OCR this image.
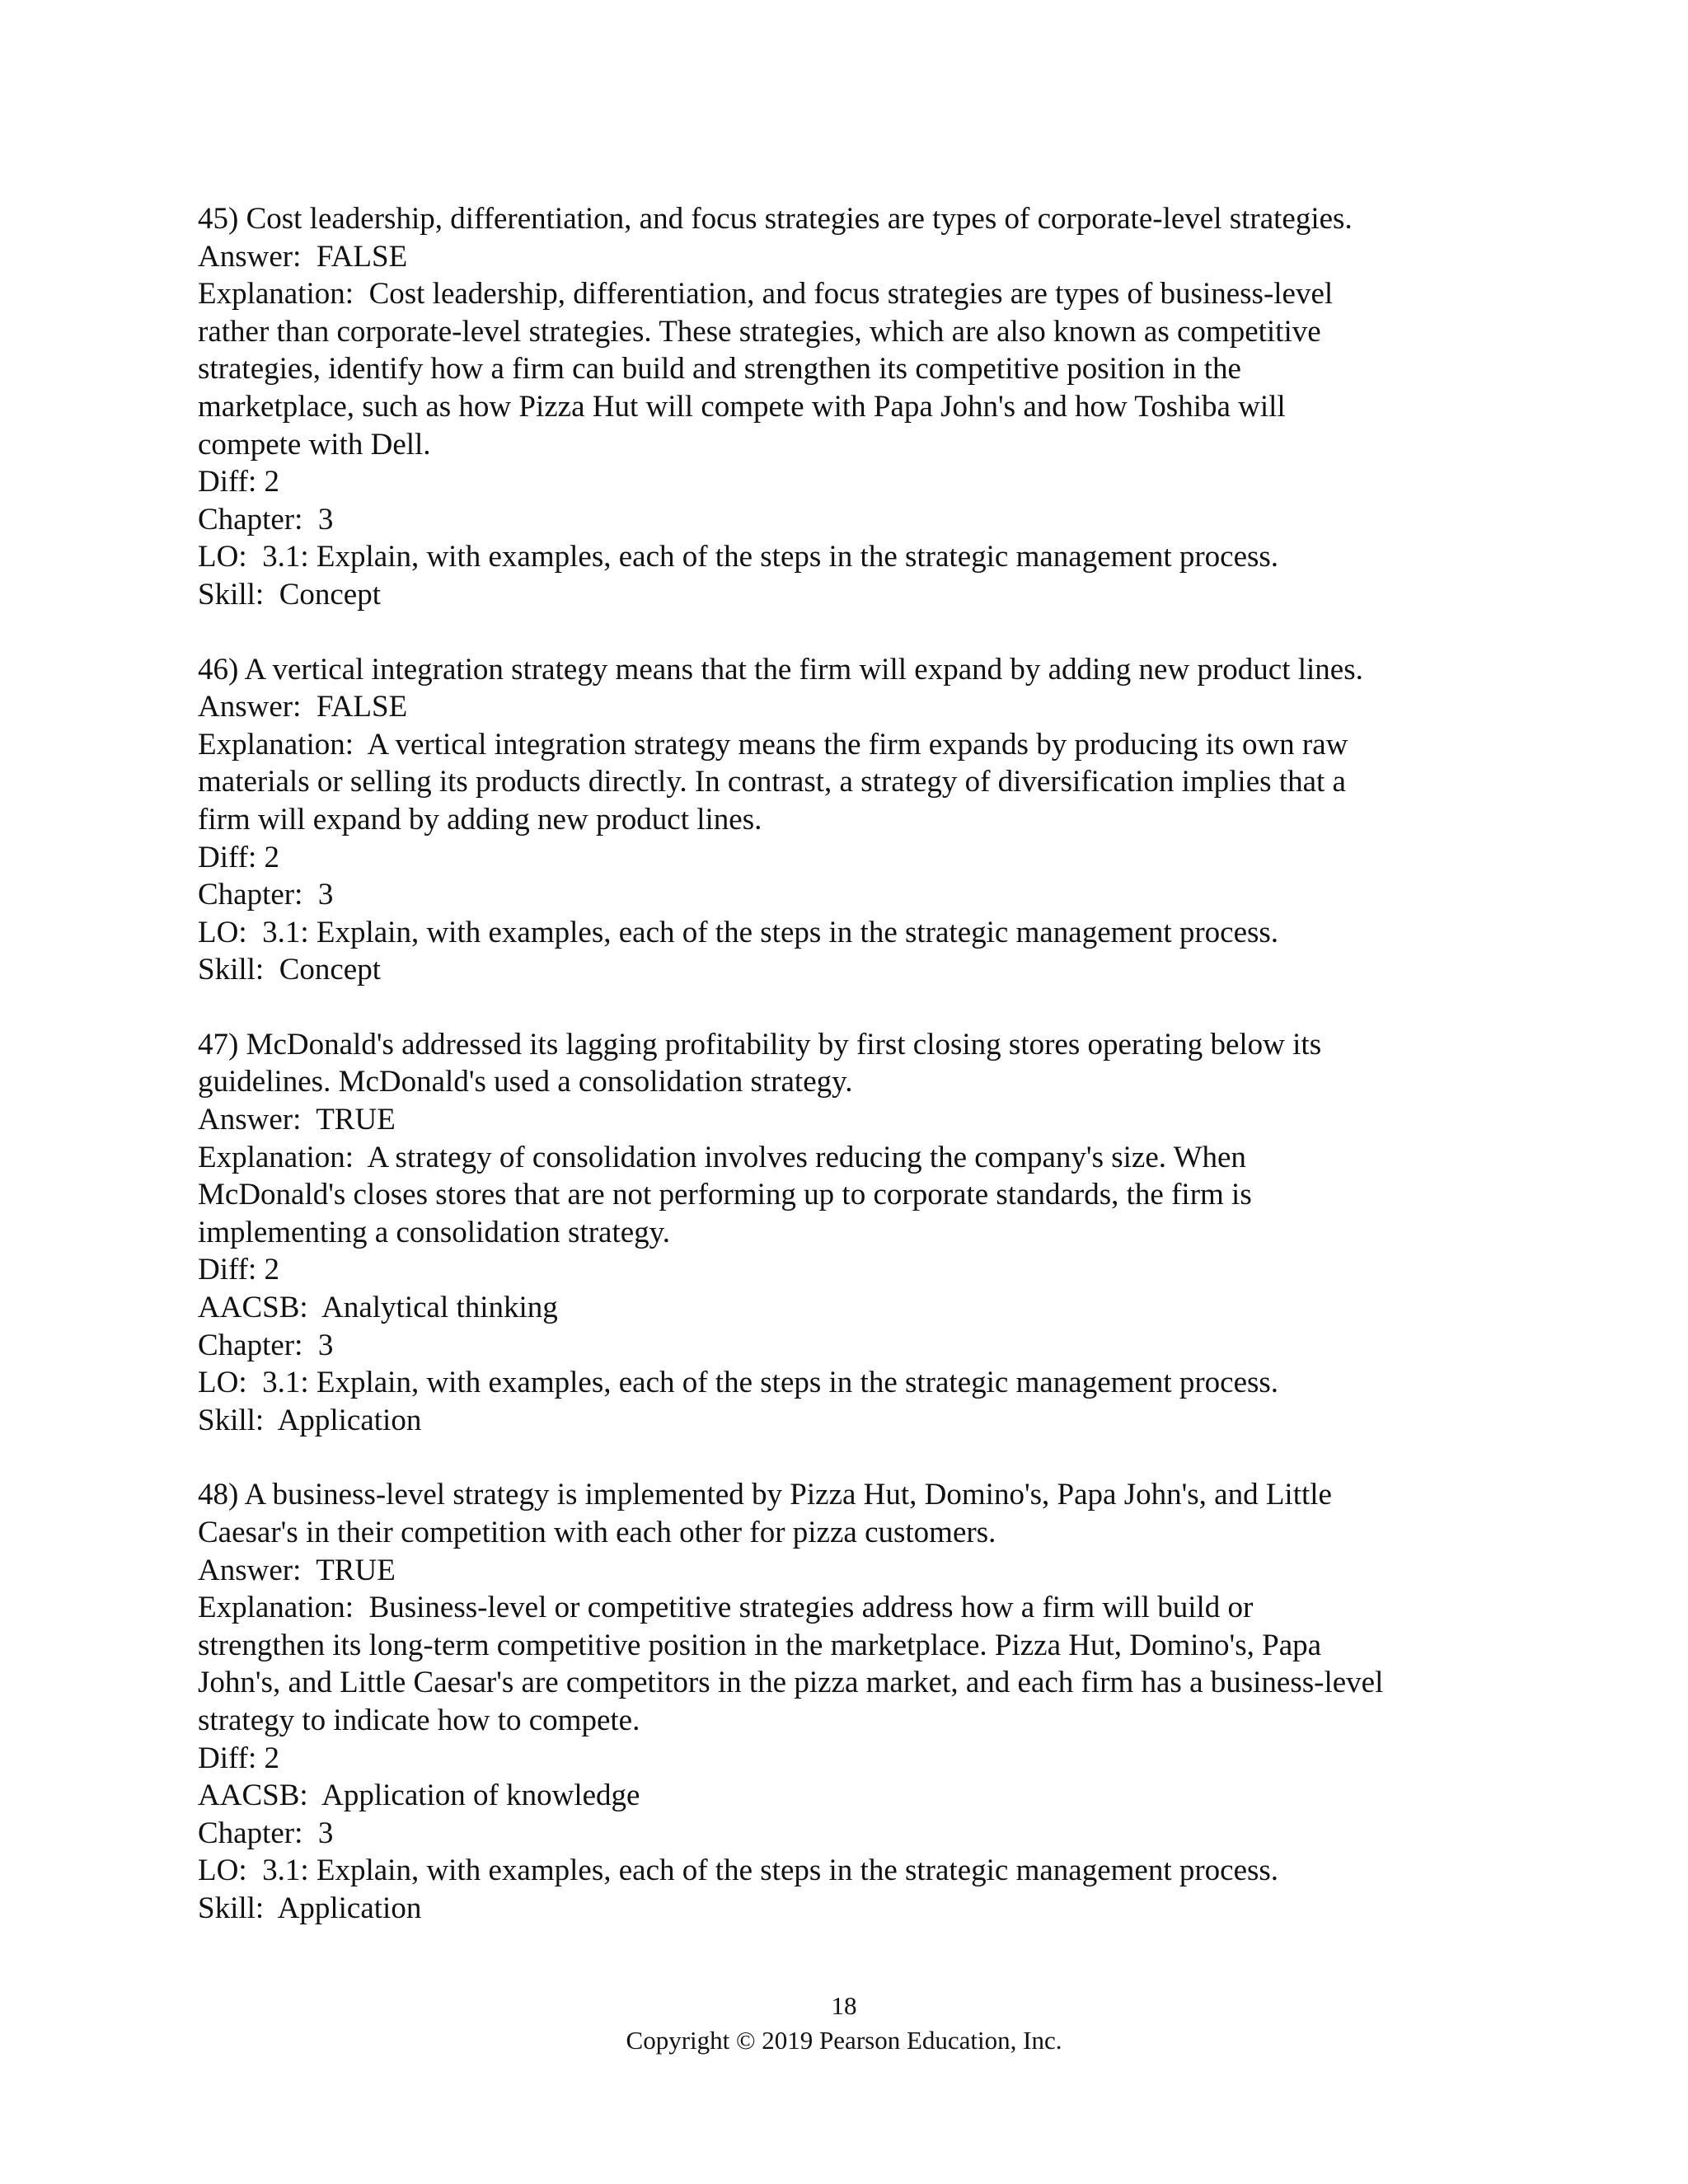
45) Cost leadership, differentiation, and focus strategies are types of corporate-level strategies.

Answer:  FALSE

Explanation:  Cost leadership, differentiation, and focus strategies are types of business-level

rather than corporate-level strategies. These strategies, which are also known as competitive

strategies, identify how a firm can build and strengthen its competitive position in the

marketplace, such as how Pizza Hut will compete with Papa John's and how Toshiba will

compete with Dell.

Diff: 2

Chapter:  3

LO:  3.1: Explain, with examples, each of the steps in the strategic management process.

Skill:  Concept

46) A vertical integration strategy means that the firm will expand by adding new product lines.

Answer:  FALSE

Explanation:  A vertical integration strategy means the firm expands by producing its own raw

materials or selling its products directly. In contrast, a strategy of diversification implies that a

firm will expand by adding new product lines.

Diff: 2

Chapter:  3

LO:  3.1: Explain, with examples, each of the steps in the strategic management process.

Skill:  Concept

47) McDonald's addressed its lagging profitability by first closing stores operating below its

guidelines. McDonald's used a consolidation strategy.

Answer:  TRUE

Explanation:  A strategy of consolidation involves reducing the company's size. When

McDonald's closes stores that are not performing up to corporate standards, the firm is

implementing a consolidation strategy.

Diff: 2

AACSB:  Analytical thinking

Chapter:  3

LO:  3.1: Explain, with examples, each of the steps in the strategic management process.

Skill:  Application

48) A business-level strategy is implemented by Pizza Hut, Domino's, Papa John's, and Little

Caesar's in their competition with each other for pizza customers.

Answer:  TRUE

Explanation:  Business-level or competitive strategies address how a firm will build or

strengthen its long-term competitive position in the marketplace. Pizza Hut, Domino's, Papa

John's, and Little Caesar's are competitors in the pizza market, and each firm has a business-level

strategy to indicate how to compete.

Diff: 2

AACSB:  Application of knowledge

Chapter:  3

LO:  3.1: Explain, with examples, each of the steps in the strategic management process.

Skill:  Application

18
Copyright © 2019 Pearson Education, Inc.
